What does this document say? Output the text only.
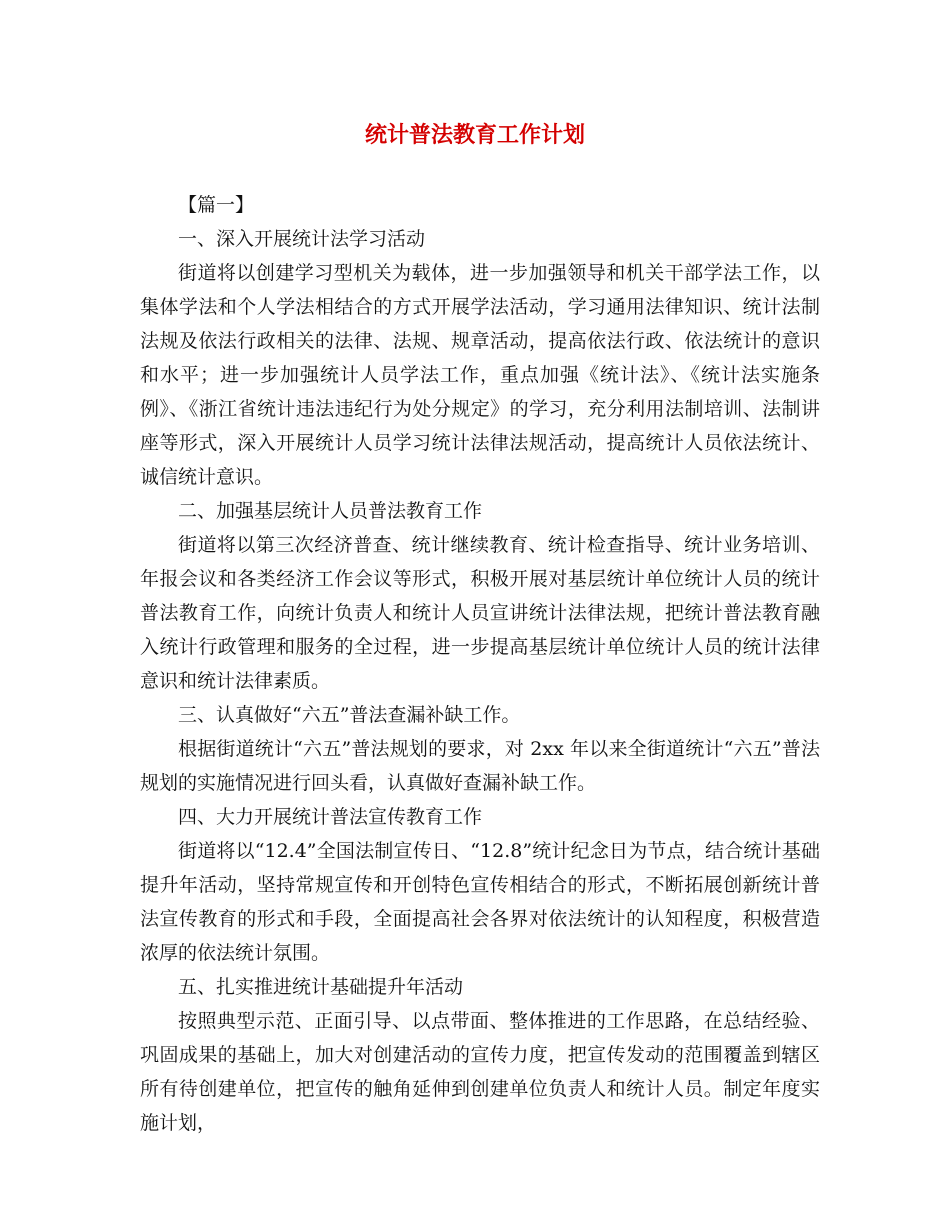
统计普法教育工作计划

【篇一】

一、深入开展统计法学习活动

街道将以创建学习型机关为载体，进一步加强领导和机关干部学法工作，以集体学法和个人学法相结合的方式开展学法活动，学习通用法律知识、统计法制法规及依法行政相关的法律、法规、规章活动，提高依法行政、依法统计的意识和水平；进一步加强统计人员学法工作，重点加强《统计法》、《统计法实施条例》、《浙江省统计违法违纪行为处分规定》的学习，充分利用法制培训、法制讲座等形式，深入开展统计人员学习统计法律法规活动，提高统计人员依法统计、诚信统计意识。

二、加强基层统计人员普法教育工作

街道将以第三次经济普查、统计继续教育、统计检查指导、统计业务培训、年报会议和各类经济工作会议等形式，积极开展对基层统计单位统计人员的统计普法教育工作，向统计负责人和统计人员宣讲统计法律法规，把统计普法教育融入统计行政管理和服务的全过程，进一步提高基层统计单位统计人员的统计法律意识和统计法律素质。

三、认真做好“六五”普法查漏补缺工作。

根据街道统计“六五”普法规划的要求，对 2xx 年以来全街道统计“六五”普法规划的实施情况进行回头看，认真做好查漏补缺工作。

四、大力开展统计普法宣传教育工作

街道将以“12.4”全国法制宣传日、“12.8”统计纪念日为节点，结合统计基础提升年活动，坚持常规宣传和开创特色宣传相结合的形式，不断拓展创新统计普法宣传教育的形式和手段，全面提高社会各界对依法统计的认知程度，积极营造浓厚的依法统计氛围。

五、扎实推进统计基础提升年活动

按照典型示范、正面引导、以点带面、整体推进的工作思路，在总结经验、巩固成果的基础上，加大对创建活动的宣传力度，把宣传发动的范围覆盖到辖区所有待创建单位，把宣传的触角延伸到创建单位负责人和统计人员。制定年度实施计划，
